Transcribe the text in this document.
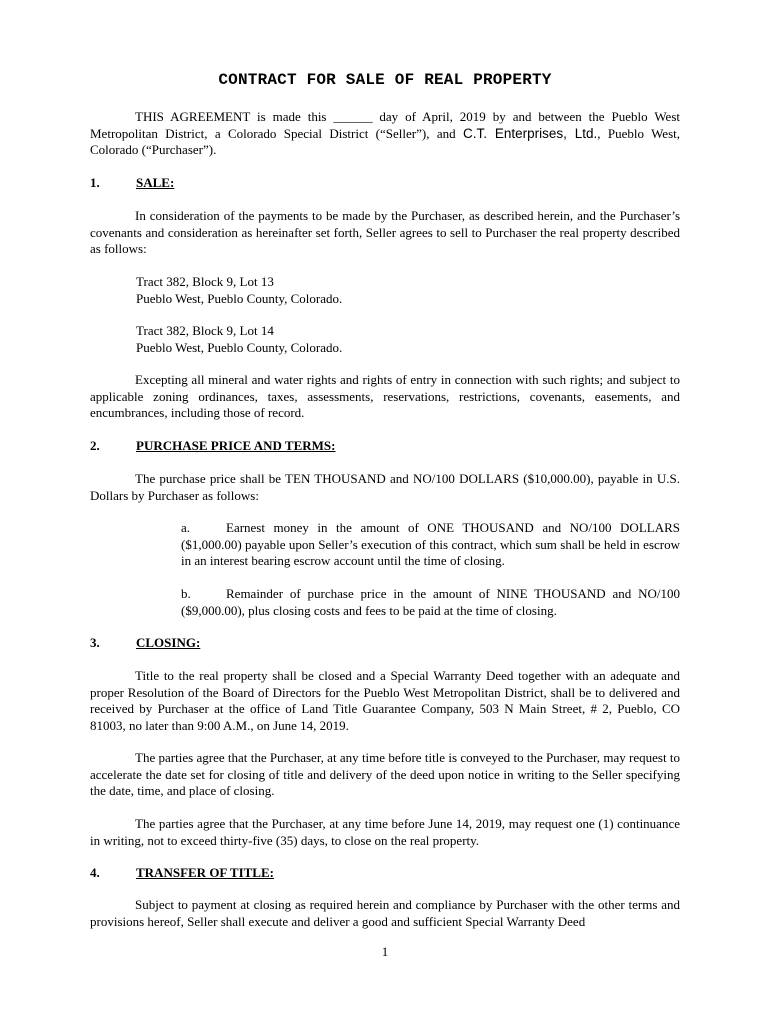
CONTRACT FOR SALE OF REAL PROPERTY
THIS AGREEMENT is made this ______ day of April, 2019 by and between the Pueblo West Metropolitan District, a Colorado Special District (“Seller”), and C.T. Enterprises, Ltd., Pueblo West, Colorado (“Purchaser”).
1.	SALE:
In consideration of the payments to be made by the Purchaser, as described herein, and the Purchaser’s covenants and consideration as hereinafter set forth, Seller agrees to sell to Purchaser the real property described as follows:
Tract 382, Block 9, Lot 13
Pueblo West, Pueblo County, Colorado.
Tract 382, Block 9, Lot 14
Pueblo West, Pueblo County, Colorado.
Excepting all mineral and water rights and rights of entry in connection with such rights; and subject to applicable zoning ordinances, taxes, assessments, reservations, restrictions, covenants, easements, and encumbrances, including those of record.
2.	PURCHASE PRICE AND TERMS:
The purchase price shall be TEN THOUSAND and NO/100 DOLLARS ($10,000.00), payable in U.S. Dollars by Purchaser as follows:
a.	Earnest money in the amount of ONE THOUSAND and NO/100 DOLLARS ($1,000.00) payable upon Seller’s execution of this contract, which sum shall be held in escrow in an interest bearing escrow account until the time of closing.
b.	Remainder of purchase price in the amount of NINE THOUSAND and NO/100 ($9,000.00), plus closing costs and fees to be paid at the time of closing.
3.	CLOSING:
Title to the real property shall be closed and a Special Warranty Deed together with an adequate and proper Resolution of the Board of Directors for the Pueblo West Metropolitan District, shall be to delivered and received by Purchaser at the office of Land Title Guarantee Company, 503 N Main Street, # 2, Pueblo, CO 81003, no later than 9:00 A.M., on June 14, 2019.
The parties agree that the Purchaser, at any time before title is conveyed to the Purchaser, may request to accelerate the date set for closing of title and delivery of the deed upon notice in writing to the Seller specifying the date, time, and place of closing.
The parties agree that the Purchaser, at any time before June 14, 2019, may request one (1) continuance in writing, not to exceed thirty-five (35) days, to close on the real property.
4.	TRANSFER OF TITLE:
Subject to payment at closing as required herein and compliance by Purchaser with the other terms and provisions hereof, Seller shall execute and deliver a good and sufficient Special Warranty Deed
1
